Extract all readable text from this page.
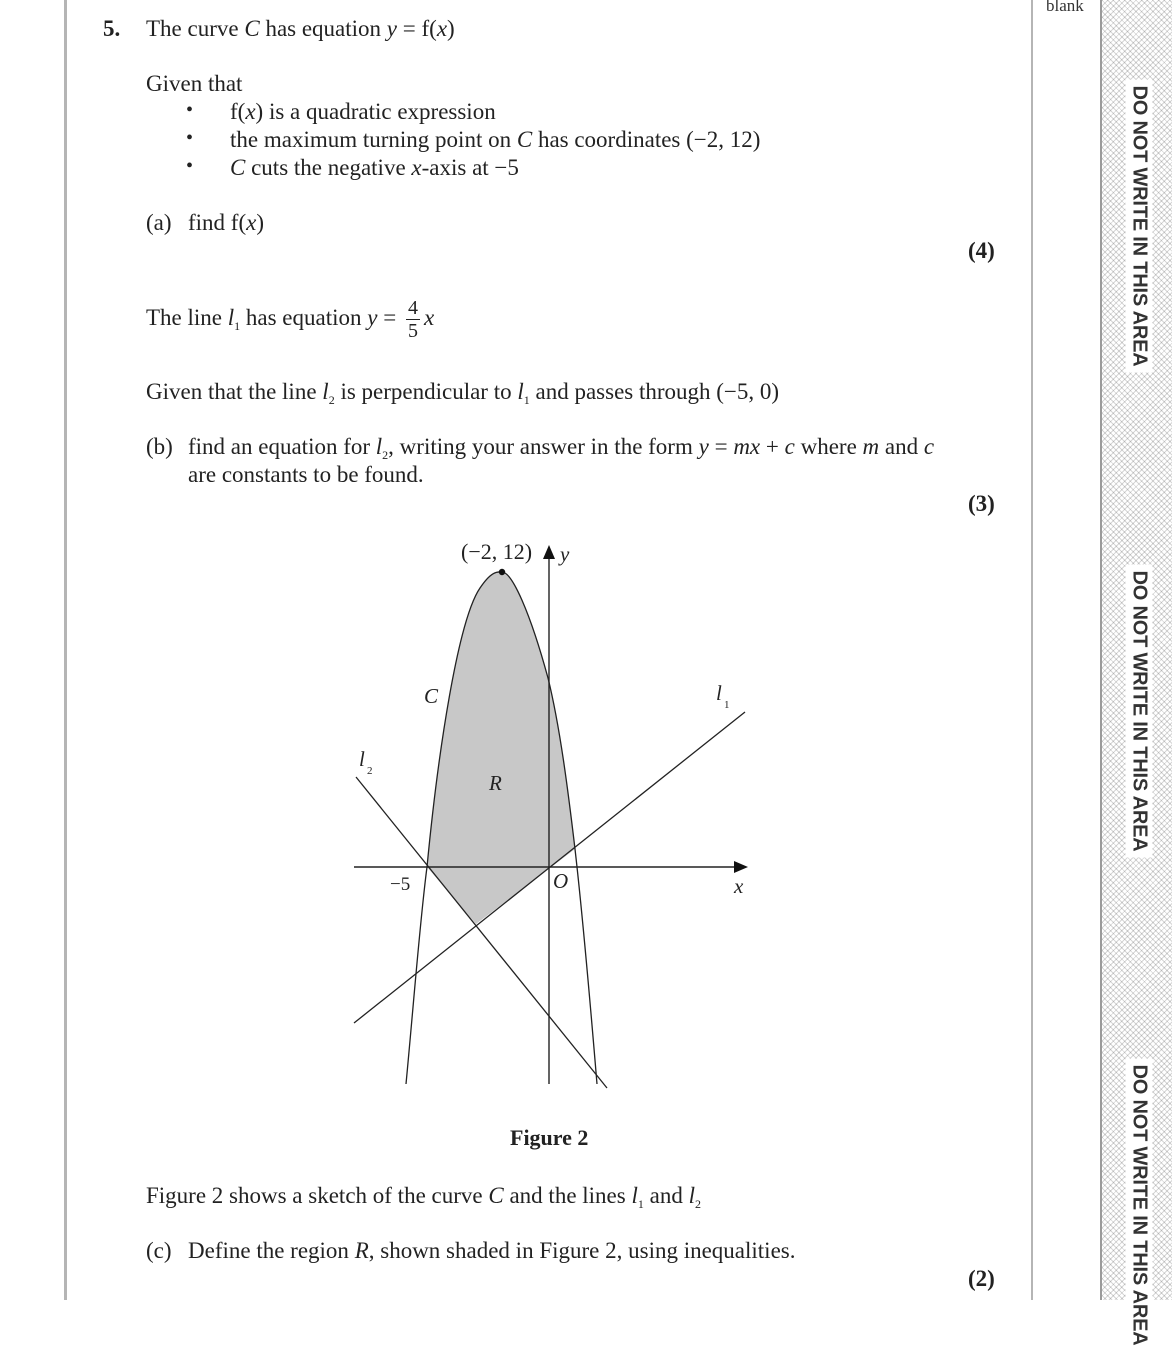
blank
DO NOT WRITE IN THIS AREA
DO NOT WRITE IN THIS AREA
DO NOT WRITE IN THIS AREA
5. The curve C has equation y = f(x)
Given that
• f(x) is a quadratic expression
• the maximum turning point on C has coordinates (−2, 12)
• C cuts the negative x-axis at −5
(a) find f(x)
(4)
The line $l_1$ has equation $y = \frac{4}{5}$ x
Given that the line $l_2$ is perpendicular to $l_1$ and passes through (−5, 0)
(b) find an equation for $l_2$, writing your answer in the form y = mx + c where m and c
are constants to be found.
(3)
(−2, 12) y
x
O
−5
C
R
l 1
l 2
Figure 2
Figure 2 shows a sketch of the curve C and the lines $l_1$ and $l_2$
(c) Define the region R, shown shaded in Figure 2, using inequalities.
(2)
